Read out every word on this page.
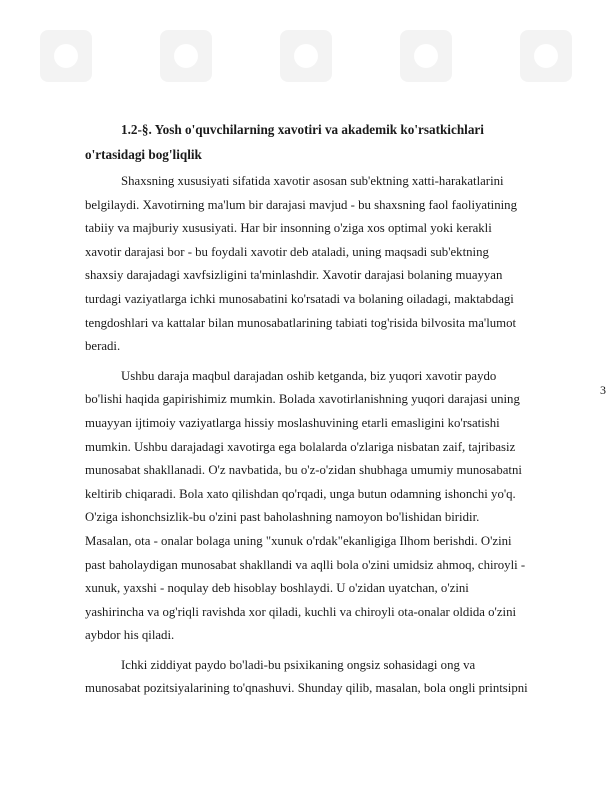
1.2-§. Yosh o'quvchilarning xavotiri va akademik ko'rsatkichlari
o'rtasidagi bog'liqlik
Shaxsning xususiyati sifatida xavotir asosan sub'ektning xatti-harakatlarini
belgilaydi. Xavotirning ma'lum bir darajasi mavjud - bu shaxsning faol faoliyatining
tabiiy va majburiy xususiyati. Har bir insonning o'ziga xos optimal yoki kerakli
xavotir darajasi bor - bu foydali xavotir deb ataladi, uning maqsadi sub'ektning
shaxsiy darajadagi xavfsizligini ta'minlashdir. Xavotir darajasi bolaning muayyan
turdagi vaziyatlarga ichki munosabatini ko'rsatadi va bolaning oiladagi, maktabdagi
tengdoshlari va kattalar bilan munosabatlarining tabiati tog'risida bilvosita ma'lumot
beradi.
Ushbu daraja maqbul darajadan oshib ketganda, biz yuqori xavotir paydo
bo'lishi haqida gapirishimiz mumkin. Bolada xavotirlanishning yuqori darajasi uning
muayyan ijtimoiy vaziyatlarga hissiy moslashuvining etarli emasligini ko'rsatishi
mumkin. Ushbu darajadagi xavotirga ega bolalarda o'zlariga nisbatan zaif, tajribasiz
munosabat shakllanadi. O'z navbatida, bu o'z-o'zidan shubhaga umumiy munosabatni
keltirib chiqaradi. Bola xato qilishdan qo'rqadi, unga butun odamning ishonchi yo'q.
O'ziga ishonchsizlik-bu o'zini past baholashning namoyon bo'lishidan biridir.
Masalan, ota - onalar bolaga uning "xunuk o'rdak"ekanligiga Ilhom berishdi. O'zini
past baholaydigan munosabat shakllandi va aqlli bola o'zini umidsiz ahmoq, chiroyli -
xunuk, yaxshi - noqulay deb hisoblay boshlaydi. U o'zidan uyatchan, o'zini
yashirincha va og'riqli ravishda xor qiladi, kuchli va chiroyli ota-onalar oldida o'zini
aybdor his qiladi.
Ichki ziddiyat paydo bo'ladi-bu psixikaning ongsiz sohasidagi ong va
munosabat pozitsiyalarining to'qnashuvi. Shunday qilib, masalan, bola ongli printsipni
3
